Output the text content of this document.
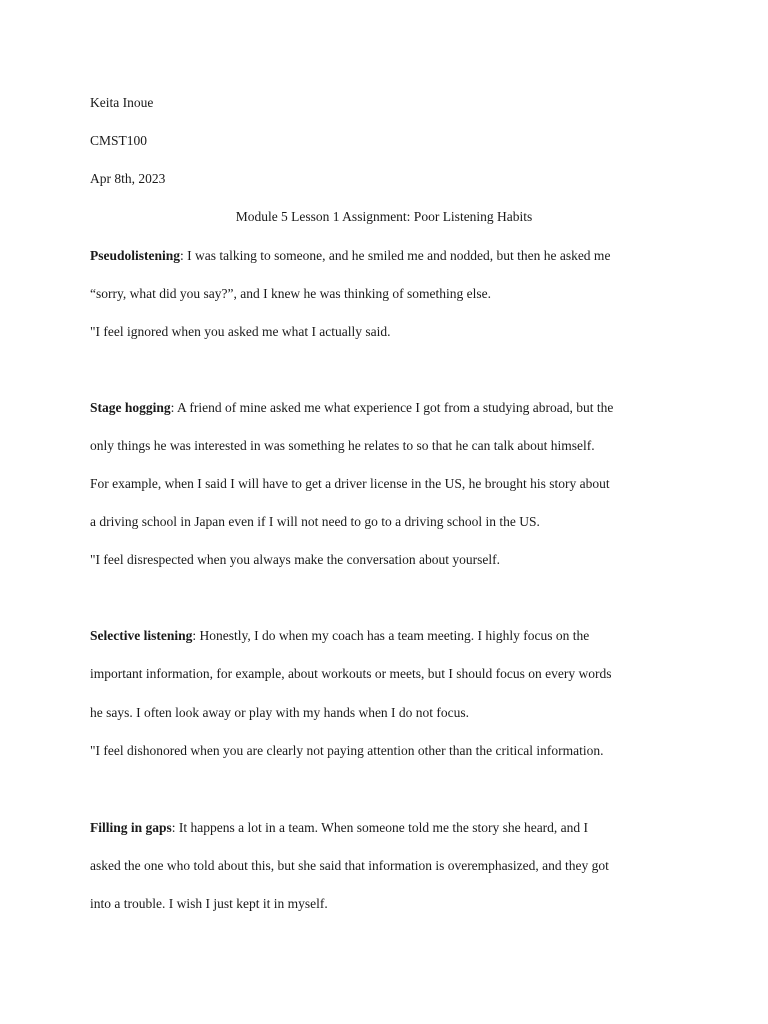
Keita Inoue
CMST100
Apr 8th, 2023
Module 5 Lesson 1 Assignment: Poor Listening Habits
Pseudolistening: I was talking to someone, and he smiled me and nodded, but then he asked me
“sorry, what did you say?”, and I knew he was thinking of something else.
"I feel ignored when you asked me what I actually said.
Stage hogging: A friend of mine asked me what experience I got from a studying abroad, but the
only things he was interested in was something he relates to so that he can talk about himself.
For example, when I said I will have to get a driver license in the US, he brought his story about
a driving school in Japan even if I will not need to go to a driving school in the US.
"I feel disrespected when you always make the conversation about yourself.
Selective listening: Honestly, I do when my coach has a team meeting. I highly focus on the
important information, for example, about workouts or meets, but I should focus on every words
he says. I often look away or play with my hands when I do not focus.
"I feel dishonored when you are clearly not paying attention other than the critical information.
Filling in gaps: It happens a lot in a team. When someone told me the story she heard, and I
asked the one who told about this, but she said that information is overemphasized, and they got
into a trouble. I wish I just kept it in myself.
